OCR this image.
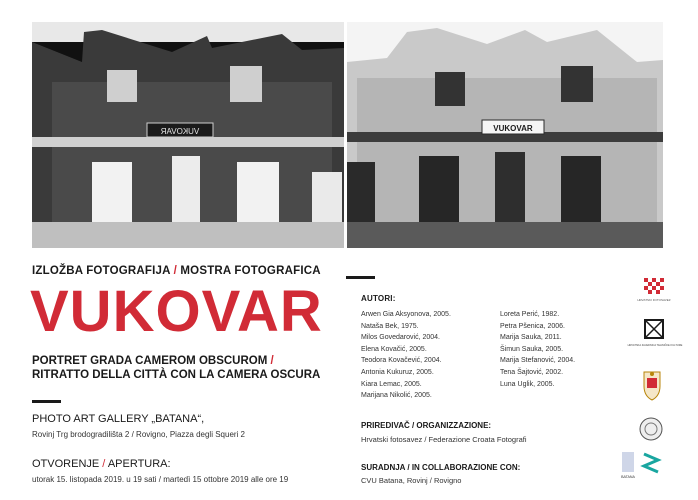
VUKOVAR	VUKOVAR
IZLOŽBA FOTOGRAFIJA / MOSTRA FOTOGRAFICA
VUKOVAR
PORTRET GRADA CAMEROM OBSCUROM / RITRATTO DELLA CITTÀ CON LA CAMERA OSCURA
PHOTO ART GALLERY „BATANA“,
Rovinj Trg brodogradilišta 2 / Rovigno, Piazza degli Squeri 2
OTVORENJE / APERTURA:
utorak 15. listopada 2019. u 19 sati / martedì 15 ottobre 2019 alle ore 19
AUTORI:
Arwen Gia Aksyonova, 2005.
Nataša Bek, 1975.
Milos Govedarović, 2004.
Elena Kovačić, 2005.
Teodora Kovačević, 2004.
Antonia Kukuruz, 2005.
Kiara Lemac, 2005.
Marijana Nikolić, 2005.
Loreta Perić, 1982.
Petra Pšenica, 2006.
Marija Sauka, 2011.
Šimun Sauka, 2005.
Marija Stefanović, 2004.
Tena Šajtović, 2002.
Luna Uglik, 2005.
PRIREDIVAČ / ORGANIZZAZIONE:
Hrvatski fotosavez / Federazione Croata Fotografi
SURADNJA / IN COLLABORAZIONE CON:
CVU Batana, Rovinj / Rovigno
HRVATSKI FOTOSAVEZ
HRVATSKA ZAJEDNICA TEHNIČKE KULTURE
BATANA
